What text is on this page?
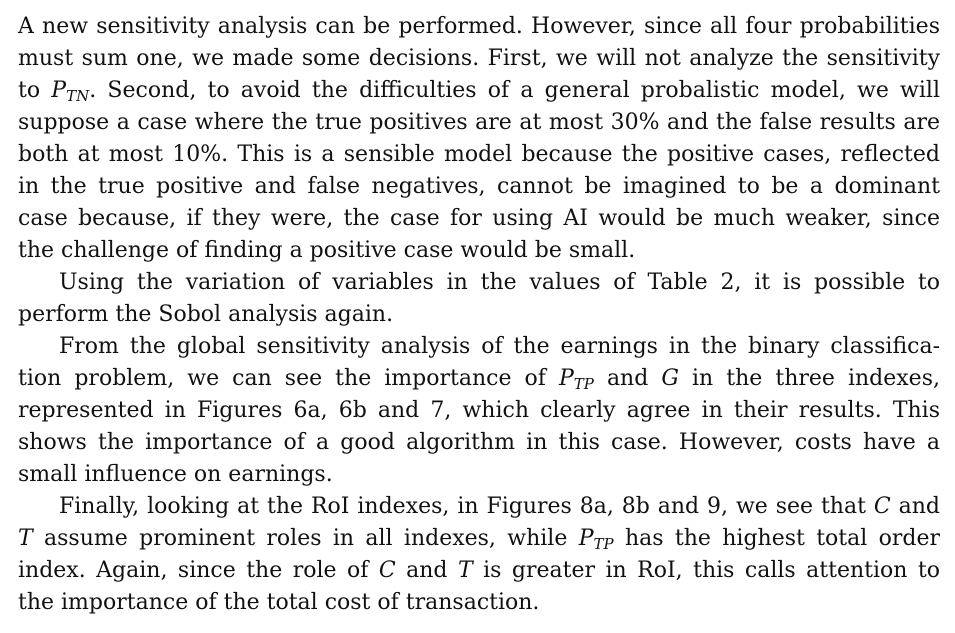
A new sensitivity analysis can be performed. However, since all four probabilities
must sum one, we made some decisions. First, we will not analyze the sensitivity
to $P_{TN}$. Second, to avoid the difficulties of a general probalistic model, we will
suppose a case where the true positives are at most 30% and the false results are
both at most 10%. This is a sensible model because the positive cases, reflected
in the true positive and false negatives, cannot be imagined to be a dominant
case because, if they were, the case for using AI would be much weaker, since
the challenge of finding a positive case would be small.
Using the variation of variables in the values of Table 2, it is possible to
perform the Sobol analysis again.
From the global sensitivity analysis of the earnings in the binary classifica-
tion problem, we can see the importance of $P_{TP}$ and G in the three indexes,
represented in Figures 6a, 6b and 7, which clearly agree in their results. This
shows the importance of a good algorithm in this case. However, costs have a
small influence on earnings.
Finally, looking at the RoI indexes, in Figures 8a, 8b and 9, we see that C and
T assume prominent roles in all indexes, while $P_{TP}$ has the highest total order
index. Again, since the role of C and T is greater in RoI, this calls attention to
the importance of the total cost of transaction.
